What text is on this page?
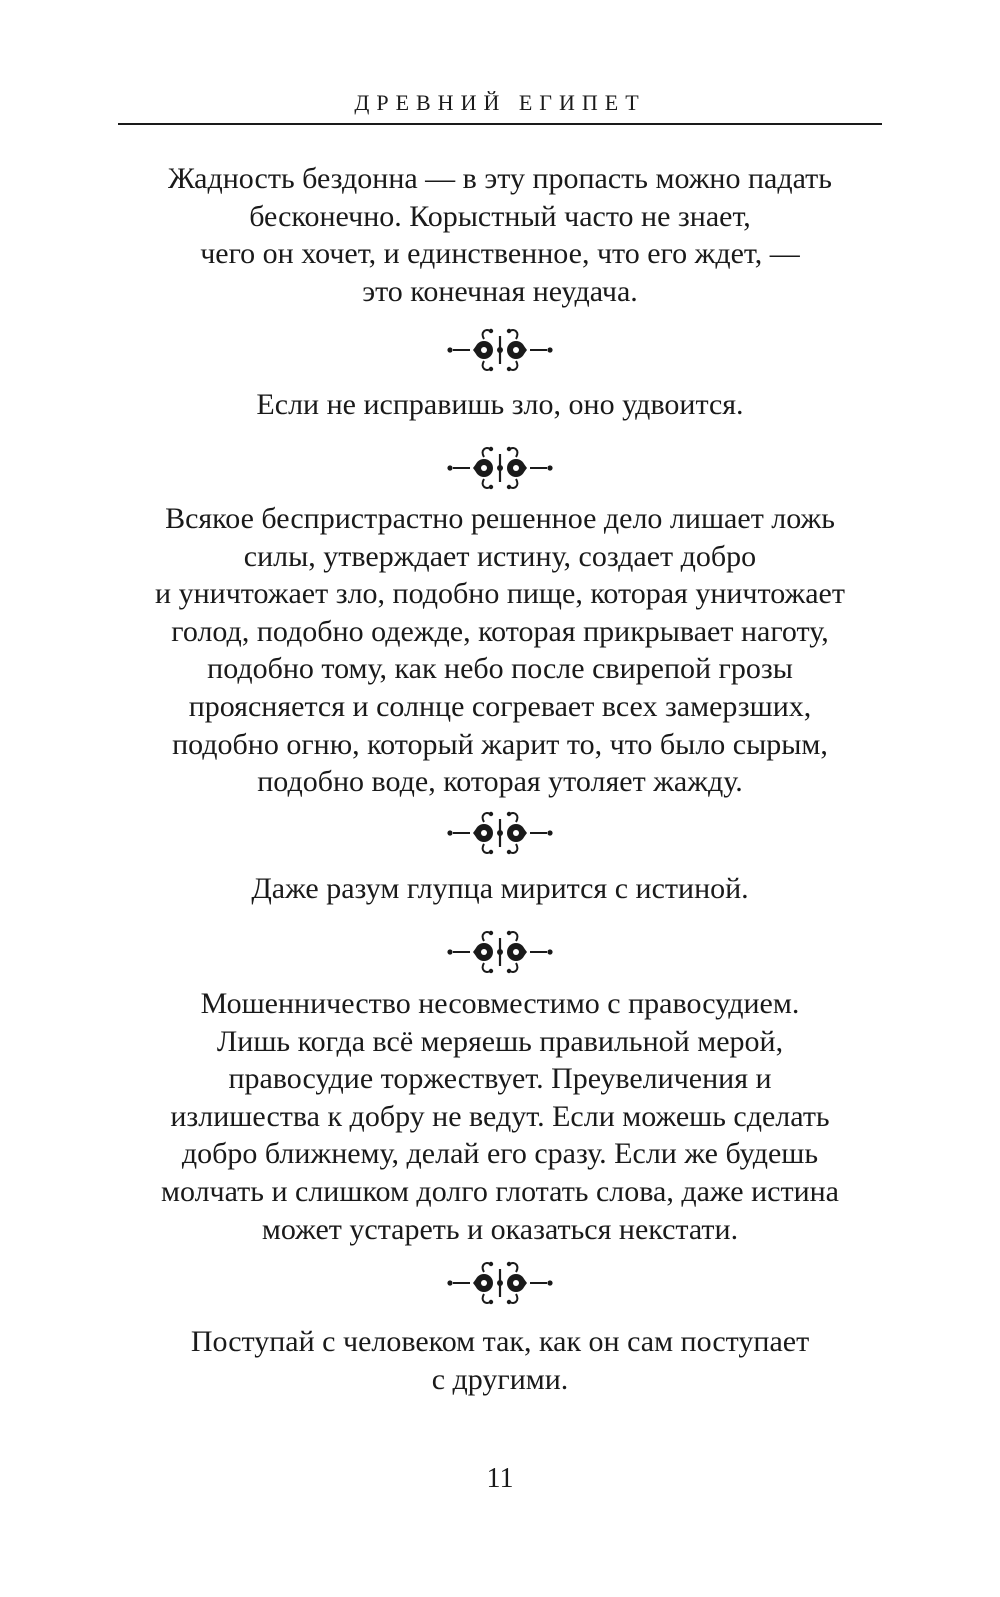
ДРЕВНИЙ ЕГИПЕТ
Жадность бездонна — в эту пропасть можно падать
бесконечно. Корыстный часто не знает,
чего он хочет, и единственное, что его ждет, —
это конечная неудача.
Если не исправишь зло, оно удвоится.
Всякое беспристрастно решенное дело лишает ложь
силы, утверждает истину, создает добро
и уничтожает зло, подобно пище, которая уничтожает
голод, подобно одежде, которая прикрывает наготу,
подобно тому, как небо после свирепой грозы
проясняется и солнце согревает всех замерзших,
подобно огню, который жарит то, что было сырым,
подобно воде, которая утоляет жажду.
Даже разум глупца мирится с истиной.
Мошенничество несовместимо с правосудием.
Лишь когда всё меряешь правильной мерой,
правосудие торжествует. Преувеличения и
излишества к добру не ведут. Если можешь сделать
добро ближнему, делай его сразу. Если же будешь
молчать и слишком долго глотать слова, даже истина
может устареть и оказаться некстати.
Поступай с человеком так, как он сам поступает
с другими.
11
